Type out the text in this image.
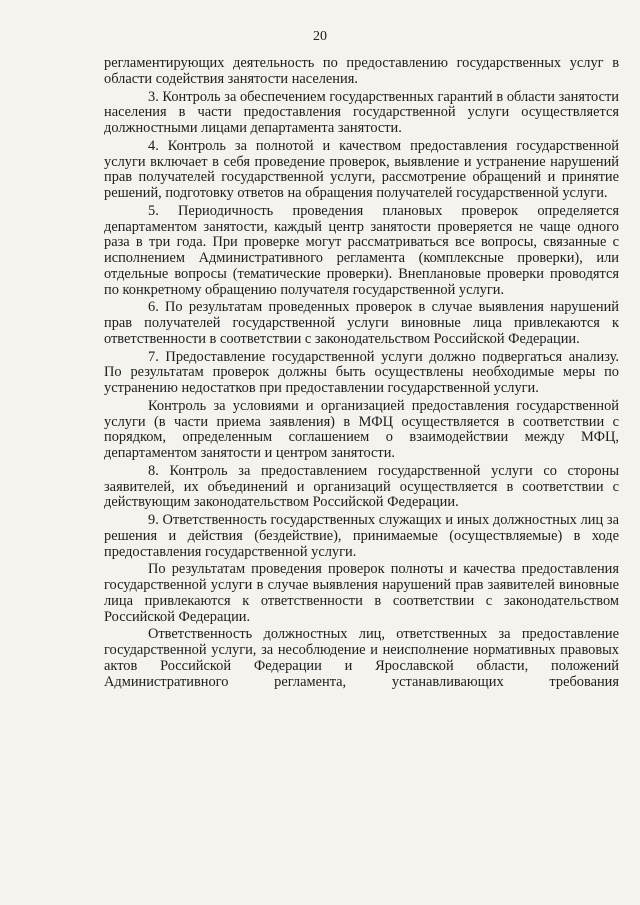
20

регламентирующих деятельность по предоставлению государственных услуг в области содействия занятости населения.

3. Контроль за обеспечением государственных гарантий в области занятости населения в части предоставления государственной услуги осуществляется должностными лицами департамента занятости.

4. Контроль за полнотой и качеством предоставления государственной услуги включает в себя проведение проверок, выявление и устранение нарушений прав получателей государственной услуги, рассмотрение обращений и принятие решений, подготовку ответов на обращения получателей государственной услуги.

5. Периодичность проведения плановых проверок определяется департаментом занятости, каждый центр занятости проверяется не чаще одного раза в три года. При проверке могут рассматриваться все вопросы, связанные с исполнением Административного регламента (комплексные проверки), или отдельные вопросы (тематические проверки). Внеплановые проверки проводятся по конкретному обращению получателя государственной услуги.

6. По результатам проведенных проверок в случае выявления нарушений прав получателей государственной услуги виновные лица привлекаются к ответственности в соответствии с законодательством Российской Федерации.

7. Предоставление государственной услуги должно подвергаться анализу. По результатам проверок должны быть осуществлены необходимые меры по устранению недостатков при предоставлении государственной услуги.

Контроль за условиями и организацией предоставления государственной услуги (в части приема заявления) в МФЦ осуществляется в соответствии с порядком, определенным соглашением о взаимодействии между МФЦ, департаментом занятости и центром занятости.

8. Контроль за предоставлением государственной услуги со стороны заявителей, их объединений и организаций осуществляется в соответствии с действующим законодательством Российской Федерации.

9. Ответственность государственных служащих и иных должностных лиц за решения и действия (бездействие), принимаемые (осуществляемые) в ходе предоставления государственной услуги.

По результатам проведения проверок полноты и качества предоставления государственной услуги в случае выявления нарушений прав заявителей виновные лица привлекаются к ответственности в соответствии с законодательством Российской Федерации.

Ответственность должностных лиц, ответственных за предоставление государственной услуги, за несоблюдение и неисполнение нормативных правовых актов Российской Федерации и Ярославской области, положений Административного регламента, устанавливающих требования
